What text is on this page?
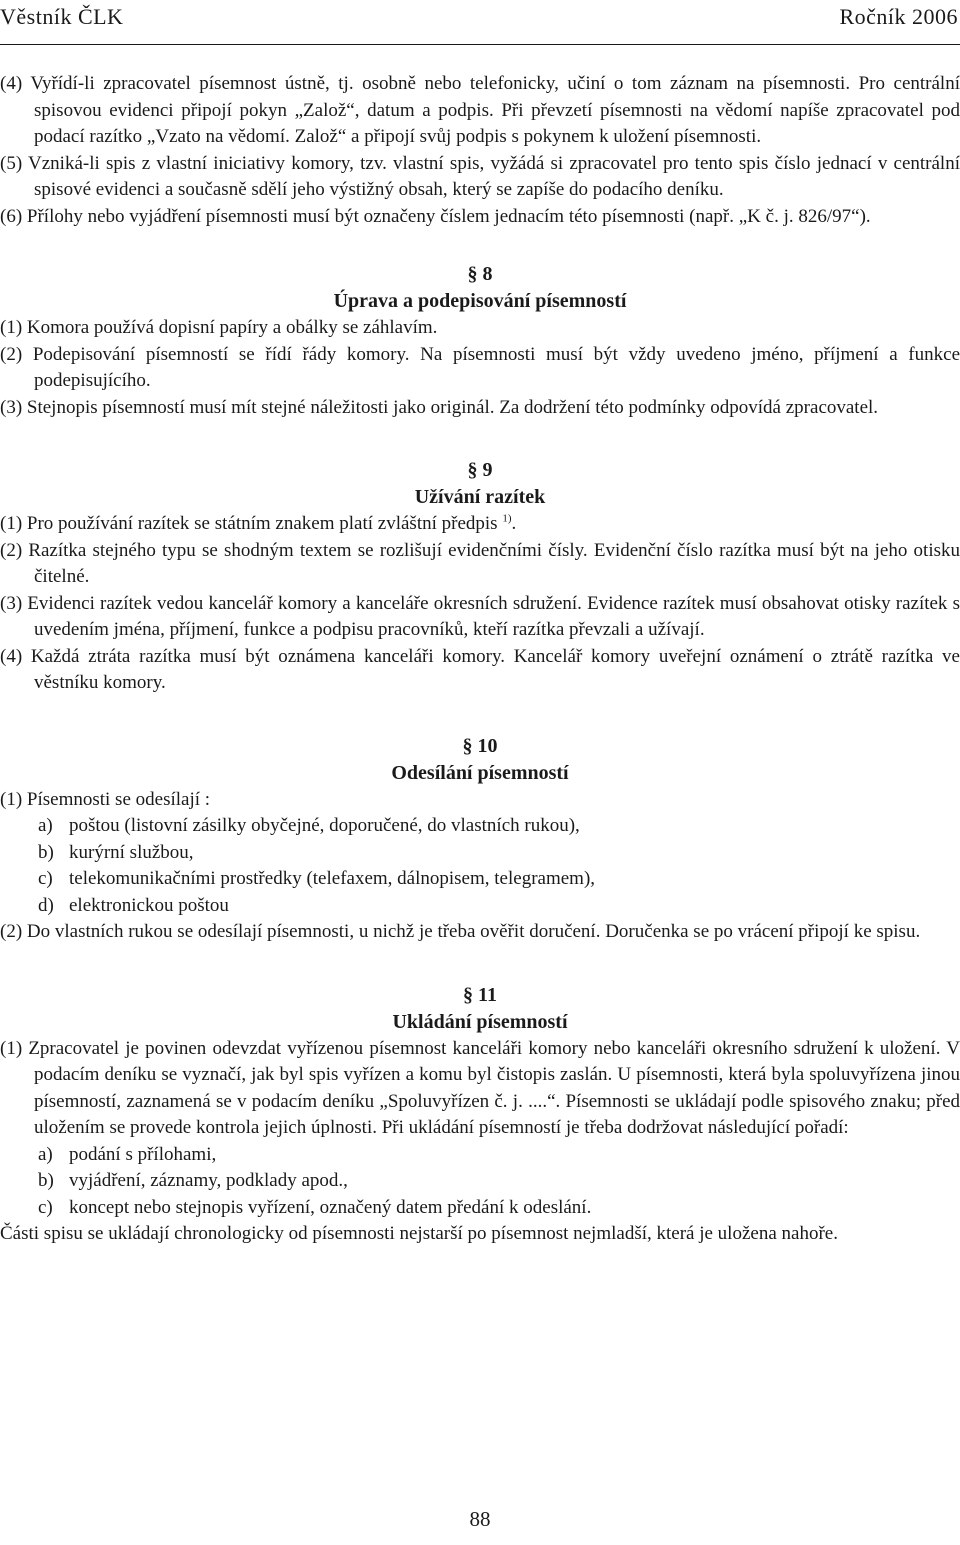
Věstník ČLK	Ročník 2006

(4) Vyřídí-li zpracovatel písemnost ústně, tj. osobně nebo telefonicky, učiní o tom záznam na písemnosti. Pro centrální spisovou evidenci připojí pokyn „Založ“, datum a podpis. Při převzetí písemnosti na vědomí napíše zpracovatel pod podací razítko „Vzato na vědomí. Založ“ a připojí svůj podpis s pokynem k uložení písemnosti.

(5) Vzniká-li spis z vlastní iniciativy komory, tzv. vlastní spis, vyžádá si zpracovatel pro tento spis číslo jednací v centrální spisové evidenci a současně sdělí jeho výstižný obsah, který se zapíše do podacího deníku.

(6) Přílohy nebo vyjádření písemnosti musí být označeny číslem jednacím této písemnosti (např. „K č. j. 826/97“).

§ 8

Úprava a podepisování písemností

(1) Komora používá dopisní papíry a obálky se záhlavím.

(2) Podepisování písemností se řídí řády komory. Na písemnosti musí být vždy uvedeno jméno, příjmení a funkce podepisujícího.

(3) Stejnopis písemností musí mít stejné náležitosti jako originál. Za dodržení této podmínky odpovídá zpracovatel.

§ 9

Užívání razítek

(1) Pro používání razítek se státním znakem platí zvláštní předpis $^{1)}$.

(2) Razítka stejného typu se shodným textem se rozlišují evidenčními čísly. Evidenční číslo razítka musí být na jeho otisku čitelné.

(3) Evidenci razítek vedou kancelář komory a kanceláře okresních sdružení. Evidence razítek musí obsahovat otisky razítek s uvedením jména, příjmení, funkce a podpisu pracovníků, kteří razítka převzali a užívají.

(4) Každá ztráta razítka musí být oznámena kanceláři komory. Kancelář komory uveřejní oznámení o ztrátě razítka ve věstníku komory.

§ 10

Odesílání písemností

(1) Písemnosti se odesílají :

a) poštou (listovní zásilky obyčejné, doporučené, do vlastních rukou),

b) kurýrní službou,

c) telekomunikačními prostředky (telefaxem, dálnopisem, telegramem),

d) elektronickou poštou

(2) Do vlastních rukou se odesílají písemnosti, u nichž je třeba ověřit doručení. Doručenka se po vrácení připojí ke spisu.

§ 11

Ukládání písemností

(1) Zpracovatel je povinen odevzdat vyřízenou písemnost kanceláři komory nebo kanceláři okresního sdružení k uložení. V podacím deníku se vyznačí, jak byl spis vyřízen a komu byl čistopis zaslán. U písemnosti, která byla spoluvyřízena jinou písemností, zaznamená se v podacím deníku „Spoluvyřízen č. j. ....“. Písemnosti se ukládají podle spisového znaku; před uložením se provede kontrola jejich úplnosti. Při ukládání písemností je třeba dodržovat následující pořadí:

a) podání s přílohami,

b) vyjádření, záznamy, podklady apod.,

c) koncept nebo stejnopis vyřízení, označený datem předání k odeslání.

Části spisu se ukládají chronologicky od písemnosti nejstarší po písemnost nejmladší, která je uložena nahoře.

88
